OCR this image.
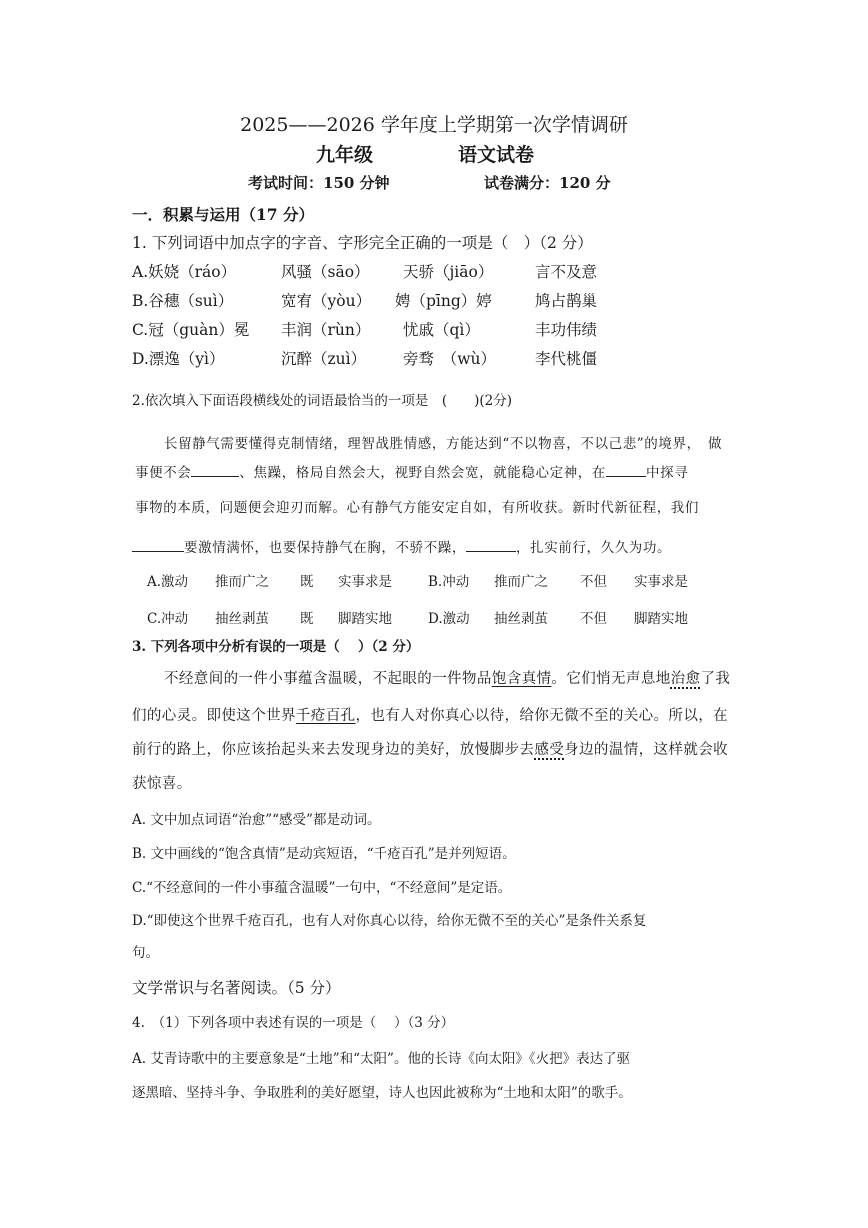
2025——2026 学年度上学期第一次学情调研
九年级	语文试卷
考试时间：150 分钟	试卷满分：120 分
一．积累与运用（17 分）
1. 下列词语中加点字的字音、字形完全正确的一项是（　）（2 分）
A.妖娆（ráo）	风骚（sāo） 天骄（jiāo）	言不及意
B.谷穗（suì）	宽宥（yòu） 娉（pīng）婷	鸠占鹊巢
C.冠（guàn）冕 丰润（rùn） 忧戚（qì）	丰功伟绩
D.漂逸（yì）	沉醉（zuì） 旁骛　（wù）	李代桃僵
2.依次填入下面语段横线处的词语最恰当的一项是　(　　)(2分)
长留静气需要懂得克制情绪，理智战胜情感，方能达到“不以物喜，不以己悲”的境界，　做
事便不会	、焦躁，格局自然会大，视野自然会宽，就能稳心定神，在	中探寻
事物的本质，问题便会迎刃而解。心有静气方能安定自如，有所收获。新时代新征程，我们
要激情满怀，也要保持静气在胸，不骄不躁，	，扎实前行，久久为功。
A.激动 推而广之 既 实事求是	B.冲动 推而广之 不但 实事求是
C.冲动 抽丝剥茧 既 脚踏实地	D.激动 抽丝剥茧 不但 脚踏实地
3. 下列各项中分析有误的一项是（　 ）（2 分）
不经意间的一件小事蕴含温暖，不起眼的一件物品饱含真情。它们悄无声息地治愈了我
们的心灵。即使这个世界千疮百孔，也有人对你真心以待，给你无微不至的关心。所以，在
前行的路上，你应该抬起头来去发现身边的美好，放慢脚步去感受身边的温情，这样就会收
获惊喜。
A. 文中加点词语“治愈”“感受”都是动词。
B. 文中画线的“饱含真情”是动宾短语，“千疮百孔”是并列短语。
C.“不经意间的一件小事蕴含温暖”一句中，“不经意间”是定语。
D.“即使这个世界千疮百孔，也有人对你真心以待，给你无微不至的关心”是条件关系复
句。
文学常识与名著阅读。（5 分）
4.　（1）下列各项中表述有误的一项是（　 ）（3 分）
A. 艾青诗歌中的主要意象是“土地”和“太阳”。他的长诗《向太阳》《火把》表达了驱
逐黑暗、坚持斗争、争取胜利的美好愿望，诗人也因此被称为“土地和太阳”的歌手。
